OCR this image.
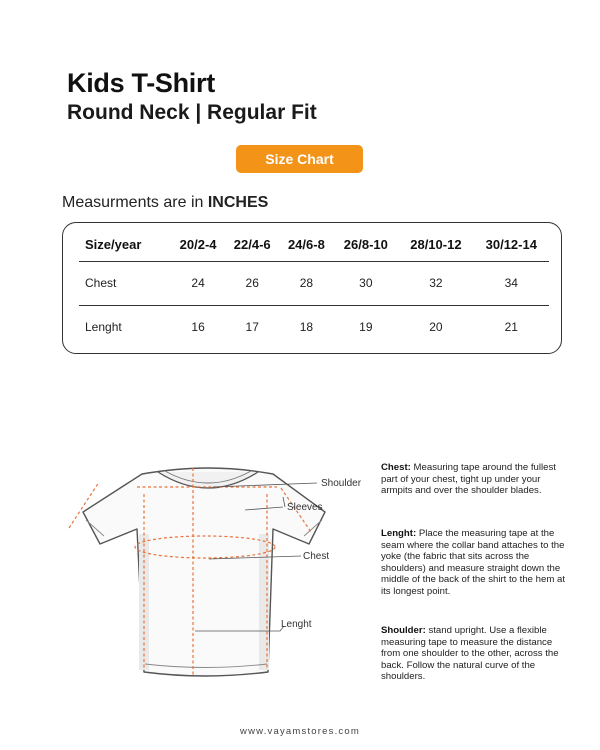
Kids T-Shirt
Round Neck | Regular Fit
Size Chart
Measurments are in INCHES
Size/year	20/2-4	22/4-6	24/6-8	26/8-10	28/10-12	30/12-14
Chest	24	26	28	30	32	34
Lenght	16	17	18	19	20	21
Shoulder
Sleeves
Chest
Lenght
Chest: Measuring tape around the fullest part of your chest, tight up under your armpits and over the shoulder blades.
Lenght: Place the measuring tape at the seam where the collar band attaches to the yoke (the fabric that sits across the shoulders) and measure straight down the middle of the back of the shirt to the hem at its longest point.
Shoulder: stand upright. Use a flexible measuring tape to measure the distance from one shoulder to the other, across the back. Follow the natural curve of the shoulders.
www.vayamstores.com
